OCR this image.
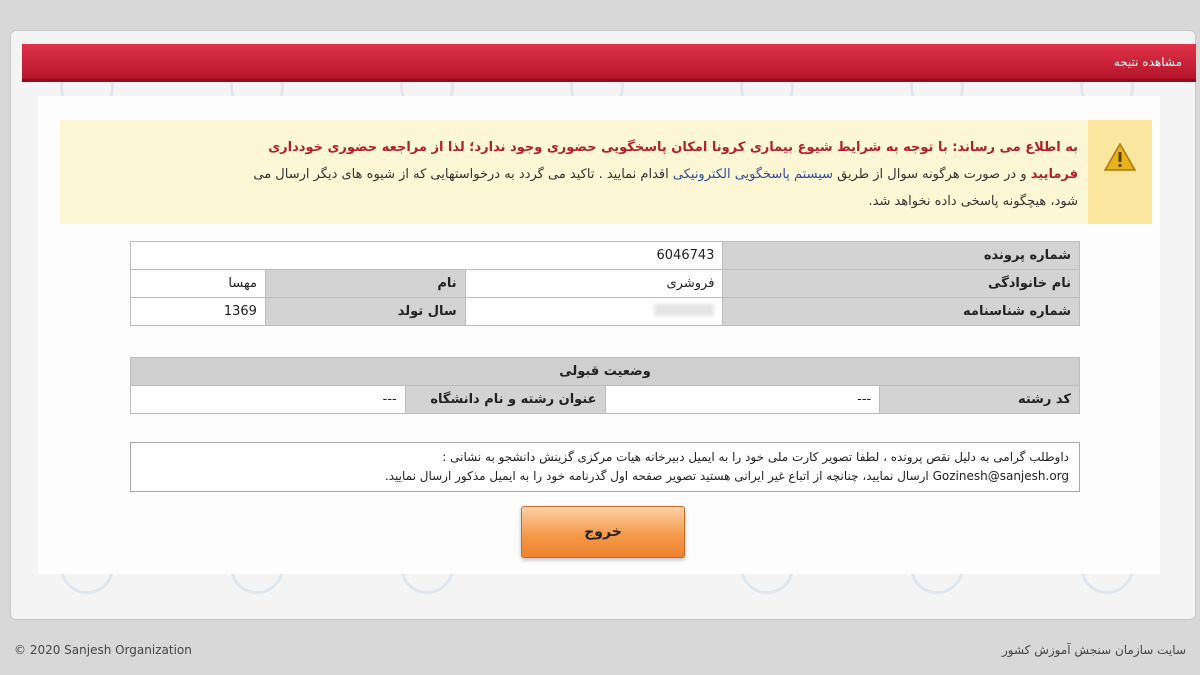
مشاهده نتیجه
به اطلاع می رساند: با توجه به شرایط شیوع بیماری کرونا امکان پاسخگویی حضوری وجود ندارد؛ لذا از مراجعه حضوری خودداری
فرمایید و در صورت هرگونه سوال از طریق سیستم پاسخگویی الکترونیکی اقدام نمایید . تاکید می گردد به درخواستهایی که از شیوه های دیگر ارسال می
شود، هیچگونه پاسخی داده نخواهد شد.
شماره پرونده	6046743		
نام خانوادگی	فروشری	نام	مهسا
شماره شناسنامه		سال تولد	1369
وضعیت قبولی
کد رشته	---	عنوان رشته و نام دانشگاه	---
داوطلب گرامی به دلیل نقص پرونده ، لطفا تصویر کارت ملی خود را به ایمیل دبیرخانه هیات مرکزی گزینش دانشجو به نشانی :
Gozinesh@sanjesh.org ارسال نمایید، چنانچه از اتباع غیر ایرانی هستید تصویر صفحه اول گذرنامه خود را به ایمیل مذکور ارسال نمایید.
خروج
© 2020 Sanjesh Organization	سایت سازمان سنجش آموزش کشور
